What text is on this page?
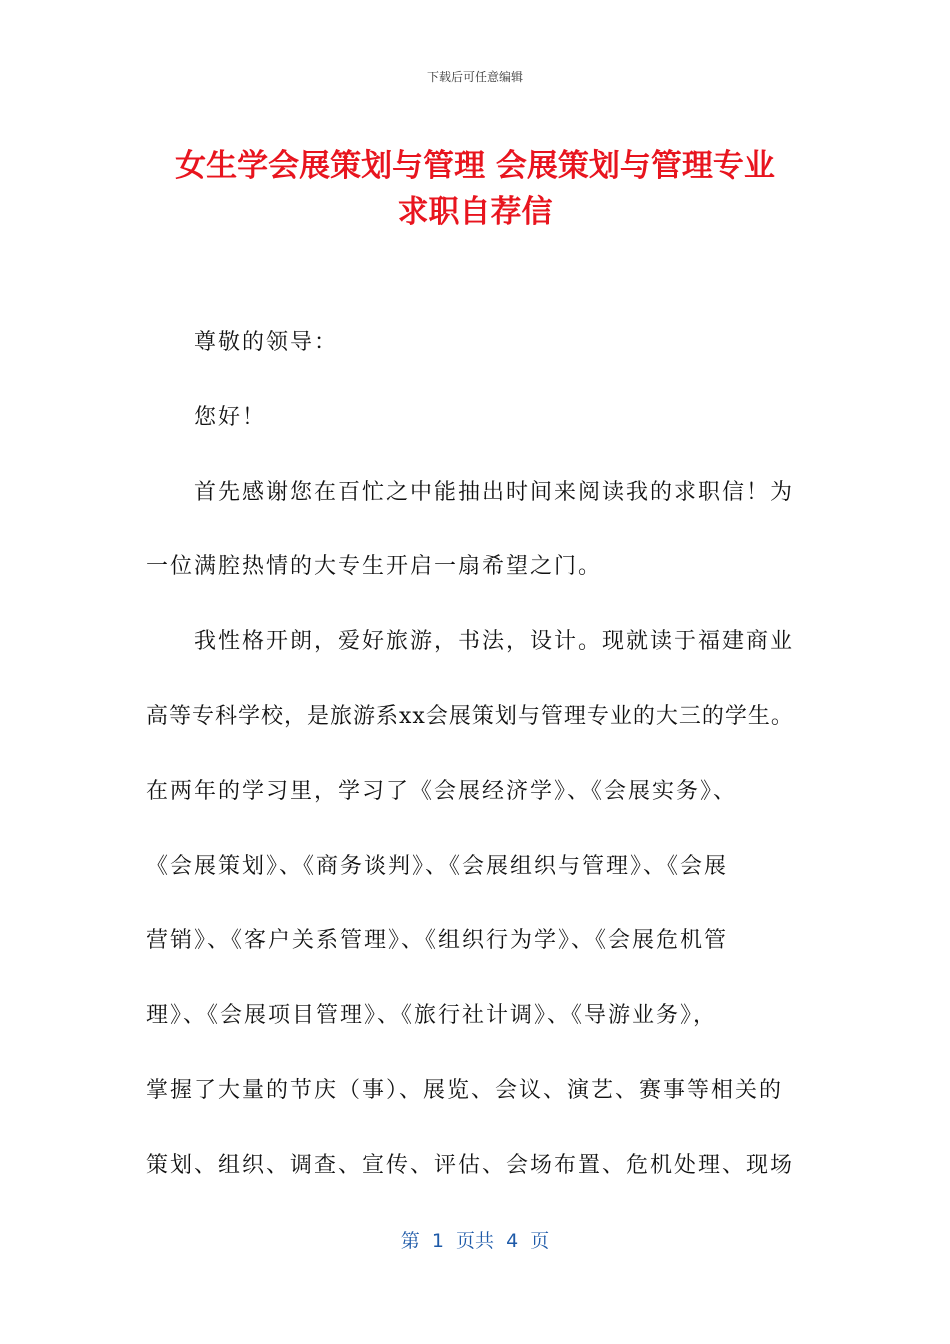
下载后可任意编辑
女生学会展策划与管理 会展策划与管理专业
求职自荐信
尊敬的领导：
您好！
首先感谢您在百忙之中能抽出时间来阅读我的求职信！为
一位满腔热情的大专生开启一扇希望之门。
我性格开朗，爱好旅游，书法，设计。现就读于福建商业
高等专科学校，是旅游系xx会展策划与管理专业的大三的学生。
在两年的学习里，学习了《会展经济学》、《会展实务》、
《会展策划》、《商务谈判》、《会展组织与管理》、《会展
营销》、《客户关系管理》、《组织行为学》、《会展危机管
理》、《会展项目管理》、《旅行社计调》、《导游业务》，
掌握了大量的节庆（事）、展览、会议、演艺、赛事等相关的
策划、组织、调查、宣传、评估、会场布置、危机处理、现场
第  1  页共  4  页
